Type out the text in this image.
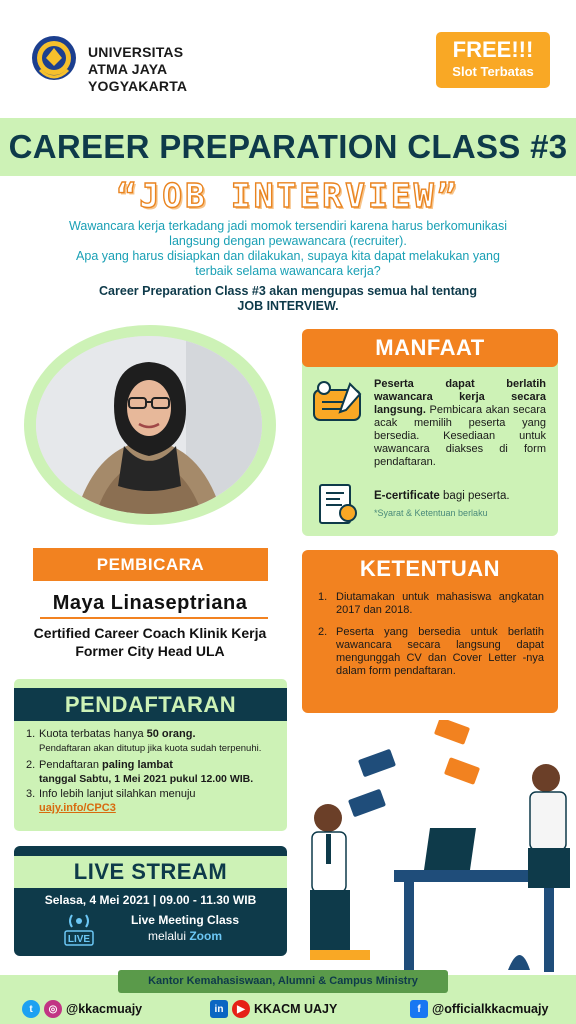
UNIVERSITAS
ATMA JAYA YOGYAKARTA
FREE!!!
Slot Terbatas
CAREER PREPARATION CLASS #3
“JOB INTERVIEW”
Wawancara kerja terkadang jadi momok tersendiri karena harus berkomunikasi
langsung dengan pewawancara (recruiter).
Apa yang harus disiapkan dan dilakukan, supaya kita dapat melakukan yang
terbaik selama wawancara kerja?
Career Preparation Class #3 akan mengupas semua hal tentang
JOB INTERVIEW.
PEMBICARA
Maya Linaseptriana
Certified Career Coach Klinik Kerja
Former City Head ULA
MANFAAT
Peserta dapat berlatih wawancara kerja secara langsung. Pembicara akan secara acak memilih peserta yang bersedia. Kesediaan untuk wawancara diakses di form pendaftaran.
E-certificate bagi peserta.
*Syarat & Ketentuan berlaku
KETENTUAN
1. Diutamakan untuk mahasiswa angkatan 2017 dan 2018.
2. Peserta yang bersedia untuk berlatih wawancara secara langsung dapat mengunggah CV dan Cover Letter -nya dalam form pendaftaran.
PENDAFTARAN
1. Kuota terbatas hanya 50 orang.
Pendaftaran akan ditutup jika kuota sudah terpenuhi.
2. Pendaftaran paling lambat
tanggal Sabtu, 1 Mei 2021 pukul 12.00 WIB.
3. Info lebih lanjut silahkan menuju
uajy.info/CPC3
LIVE STREAM
Selasa, 4 Mei 2021 | 09.00 - 11.30 WIB
LIVE
Live Meeting Class
melalui Zoom
Kantor Kemahasiswaan, Alumni & Campus Ministry
t	◎ @kkacmuajy	in	▶ KKACM UAJY	f @officialkkacmuajy
